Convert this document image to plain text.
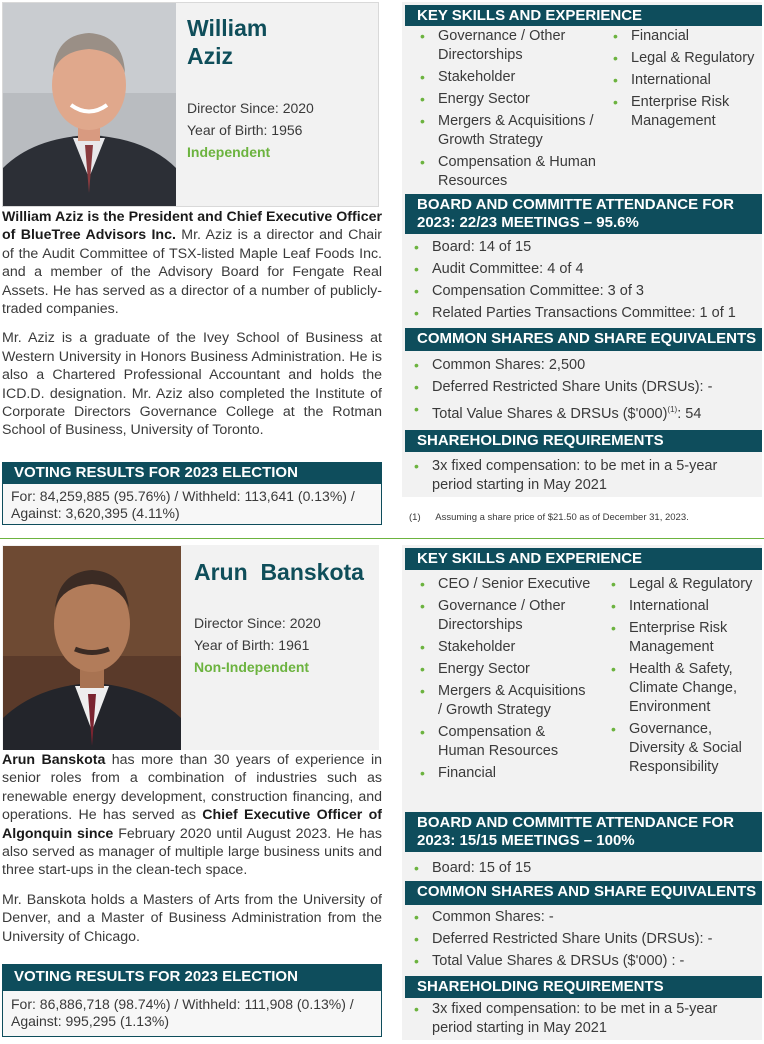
William
Aziz
Director Since: 2020
Year of Birth: 1956
Independent

William Aziz is the President and Chief Executive Officer of BlueTree Advisors Inc. Mr. Aziz is a director and Chair of the Audit Committee of TSX-listed Maple Leaf Foods Inc. and a member of the Advisory Board for Fengate Real Assets. He has served as a director of a number of publicly-traded companies.

Mr. Aziz is a graduate of the Ivey School of Business at Western University in Honors Business Administration. He is also a Chartered Professional Accountant and holds the ICD.D. designation. Mr. Aziz also completed the Institute of Corporate Directors Governance College at the Rotman School of Business, University of Toronto.

VOTING RESULTS FOR 2023 ELECTION
For: 84,259,885 (95.76%) / Withheld: 113,641 (0.13%) / Against: 3,620,395 (4.11%)
KEY SKILLS AND EXPERIENCE
• Governance / Other Directorships
• Stakeholder
• Energy Sector
• Mergers & Acquisitions / Growth Strategy
• Compensation & Human Resources
• Financial
• Legal & Regulatory
• International
• Enterprise Risk Management
BOARD AND COMMITTE ATTENDANCE FOR 2023: 22/23 MEETINGS – 95.6%
• Board: 14 of 15
• Audit Committee: 4 of 4
• Compensation Committee: 3 of 3
• Related Parties Transactions Committee: 1 of 1
COMMON SHARES AND SHARE EQUIVALENTS
• Common Shares: 2,500
• Deferred Restricted Share Units (DRSUs): -
• Total Value Shares & DRSUs ($'000)$^{(1)}$: 54
SHAREHOLDING REQUIREMENTS
• 3x fixed compensation: to be met in a 5-year period starting in May 2021
(1) Assuming a share price of $21.50 as of December 31, 2023.
Arun  Banskota
Director Since: 2020
Year of Birth: 1961
Non-Independent

Arun Banskota has more than 30 years of experience in senior roles from a combination of industries such as renewable energy development, construction financing, and operations. He has served as Chief Executive Officer of Algonquin since February 2020 until August 2023. He has also served as manager of multiple large business units and three start-ups in the clean-tech space.

Mr. Banskota holds a Masters of Arts from the University of Denver, and a Master of Business Administration from the University of Chicago.

VOTING RESULTS FOR 2023 ELECTION
For: 86,886,718 (98.74%) / Withheld: 111,908 (0.13%) / Against: 995,295 (1.13%)
KEY SKILLS AND EXPERIENCE
• CEO / Senior Executive
• Governance / Other Directorships
• Stakeholder
• Energy Sector
• Mergers & Acquisitions / Growth Strategy
• Compensation & Human Resources
• Financial
• Legal & Regulatory
• International
• Enterprise Risk Management
• Health & Safety, Climate Change, Environment
• Governance, Diversity & Social Responsibility
BOARD AND COMMITTE ATTENDANCE FOR 2023: 15/15 MEETINGS – 100%
• Board: 15 of 15
COMMON SHARES AND SHARE EQUIVALENTS
• Common Shares: -
• Deferred Restricted Share Units (DRSUs): -
• Total Value Shares & DRSUs ($'000) : -
SHAREHOLDING REQUIREMENTS
• 3x fixed compensation: to be met in a 5-year period starting in May 2021
